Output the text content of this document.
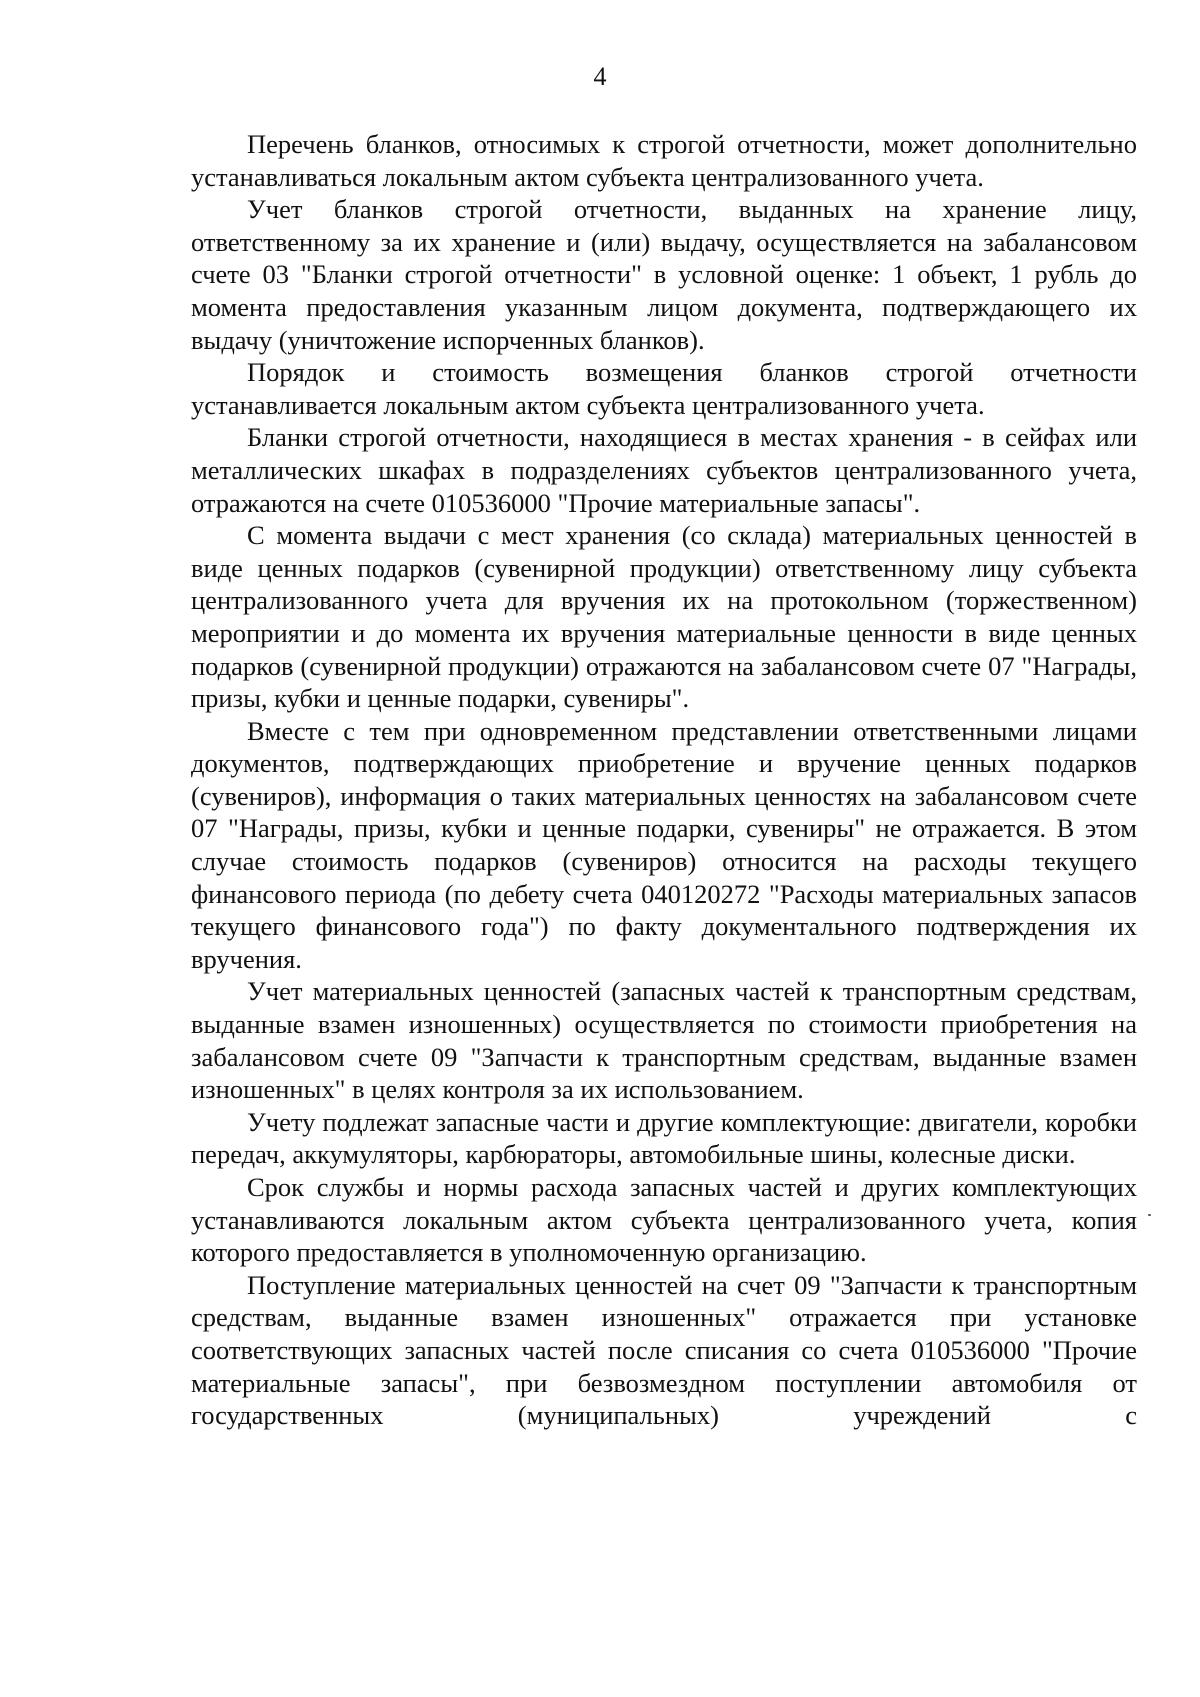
4

Перечень бланков, относимых к строгой отчетности, может дополнительно устанавливаться локальным актом субъекта централизованного учета.

Учет бланков строгой отчетности, выданных на хранение лицу, ответственному за их хранение и (или) выдачу, осуществляется на забалансовом счете 03 "Бланки строгой отчетности" в условной оценке: 1 объект, 1 рубль до момента предоставления указанным лицом документа, подтверждающего их выдачу (уничтожение испорченных бланков).

Порядок и стоимость возмещения бланков строгой отчетности устанавливается локальным актом субъекта централизованного учета.

Бланки строгой отчетности, находящиеся в местах хранения - в сейфах или металлических шкафах в подразделениях субъектов централизованного учета, отражаются на счете 010536000 "Прочие материальные запасы".

С момента выдачи с мест хранения (со склада) материальных ценностей в виде ценных подарков (сувенирной продукции) ответственному лицу субъекта централизованного учета для вручения их на протокольном (торжественном) мероприятии и до момента их вручения материальные ценности в виде ценных подарков (сувенирной продукции) отражаются на забалансовом счете 07 "Награды, призы, кубки и ценные подарки, сувениры".

Вместе с тем при одновременном представлении ответственными лицами документов, подтверждающих приобретение и вручение ценных подарков (сувениров), информация о таких материальных ценностях на забалансовом счете 07 "Награды, призы, кубки и ценные подарки, сувениры" не отражается. В этом случае стоимость подарков (сувениров) относится на расходы текущего финансового периода (по дебету счета 040120272 "Расходы материальных запасов текущего финансового года") по факту документального подтверждения их вручения.

Учет материальных ценностей (запасных частей к транспортным средствам, выданные взамен изношенных) осуществляется по стоимости приобретения на забалансовом счете 09 "Запчасти к транспортным средствам, выданные взамен изношенных" в целях контроля за их использованием.

Учету подлежат запасные части и другие комплектующие: двигатели, коробки передач, аккумуляторы, карбюраторы, автомобильные шины, колесные диски.

Срок службы и нормы расхода запасных частей и других комплектующих устанавливаются локальным актом субъекта централизованного учета, копия которого предоставляется в уполномоченную организацию.

Поступление материальных ценностей на счет 09 "Запчасти к транспортным средствам, выданные взамен изношенных" отражается при установке соответствующих запасных частей после списания со счета 010536000 "Прочие материальные запасы", при безвозмездном поступлении автомобиля от государственных (муниципальных) учреждений с
